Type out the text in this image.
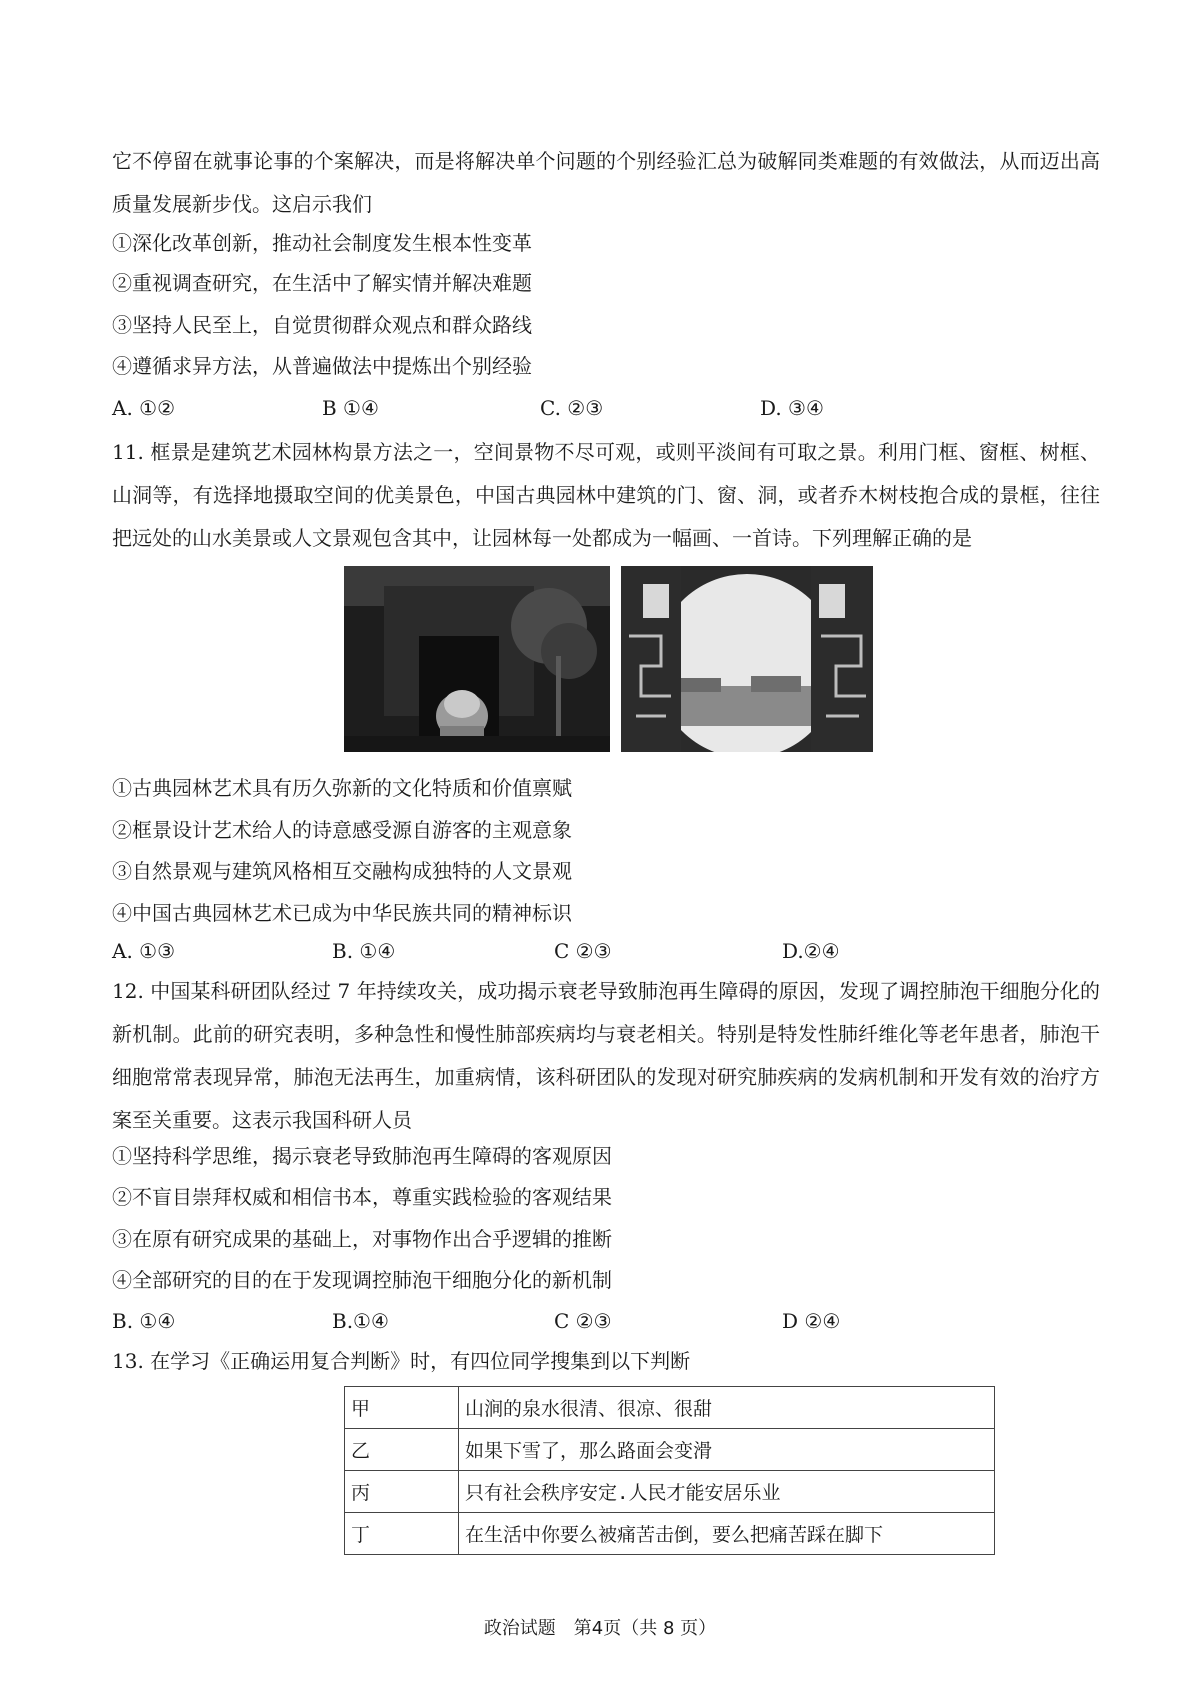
它不停留在就事论事的个案解决，而是将解决单个问题的个别经验汇总为破解同类难题的有效做法，从而迈出高质量发展新步伐。这启示我们

①深化改革创新，推动社会制度发生根本性变革
②重视调查研究，在生活中了解实情并解决难题
③坚持人民至上，自觉贯彻群众观点和群众路线
④遵循求异方法，从普遍做法中提炼出个别经验
A. ①②	B ①④	C. ②③	D. ③④

11. 框景是建筑艺术园林构景方法之一，空间景物不尽可观，或则平淡间有可取之景。利用门框、窗框、树框、山洞等，有选择地摄取空间的优美景色，中国古典园林中建筑的门、窗、洞，或者乔木树枝抱合成的景框，往往把远处的山水美景或人文景观包含其中，让园林每一处都成为一幅画、一首诗。下列理解正确的是

①古典园林艺术具有历久弥新的文化特质和价值禀赋
②框景设计艺术给人的诗意感受源自游客的主观意象
③自然景观与建筑风格相互交融构成独特的人文景观
④中国古典园林艺术已成为中华民族共同的精神标识
A. ①③	B. ①④	C ②③	D.②④

12. 中国某科研团队经过 7 年持续攻关，成功揭示衰老导致肺泡再生障碍的原因，发现了调控肺泡干细胞分化的新机制。此前的研究表明，多种急性和慢性肺部疾病均与衰老相关。特别是特发性肺纤维化等老年患者，肺泡干细胞常常表现异常，肺泡无法再生，加重病情，该科研团队的发现对研究肺疾病的发病机制和开发有效的治疗方案至关重要。这表示我国科研人员

①坚持科学思维，揭示衰老导致肺泡再生障碍的客观原因
②不盲目崇拜权威和相信书本，尊重实践检验的客观结果
③在原有研究成果的基础上，对事物作出合乎逻辑的推断
④全部研究的目的在于发现调控肺泡干细胞分化的新机制
B. ①④	B.①④	C ②③	D ②④
13. 在学习《正确运用复合判断》时，有四位同学搜集到以下判断
甲	山涧的泉水很清、很凉、很甜
乙	如果下雪了，那么路面会变滑
丙	只有社会秩序安定.人民才能安居乐业
丁	在生活中你要么被痛苦击倒，要么把痛苦踩在脚下
政治试题　第4页（共 8 页）
